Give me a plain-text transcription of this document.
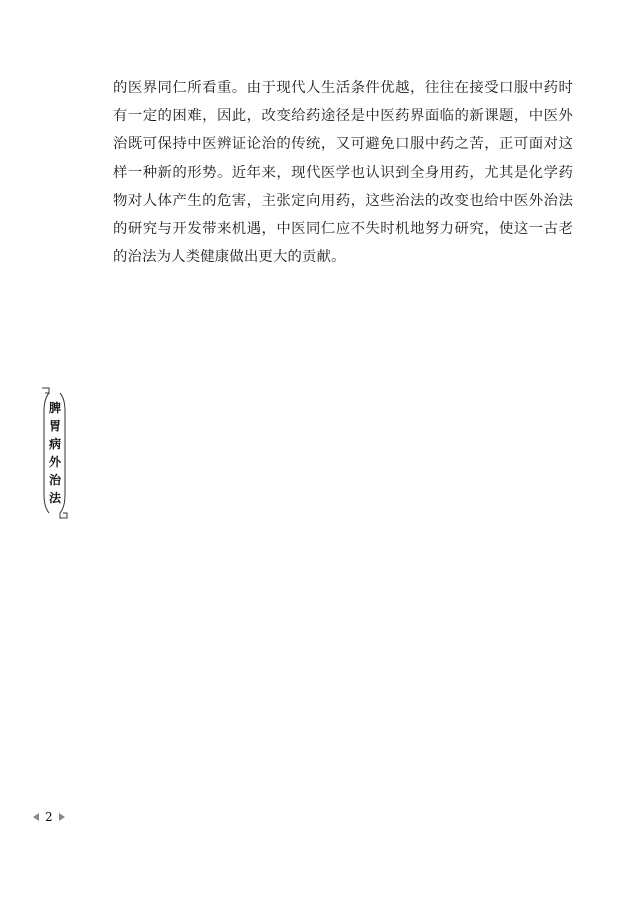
的医界同仁所看重。由于现代人生活条件优越，往往在接受口服中药时有一定的困难，因此，改变给药途径是中医药界面临的新课题，中医外治既可保持中医辨证论治的传统，又可避免口服中药之苦，正可面对这样一种新的形势。近年来，现代医学也认识到全身用药，尤其是化学药物对人体产生的危害，主张定向用药，这些治法的改变也给中医外治法的研究与开发带来机遇，中医同仁应不失时机地努力研究，使这一古老的治法为人类健康做出更大的贡献。
脾胃病外治法
2
